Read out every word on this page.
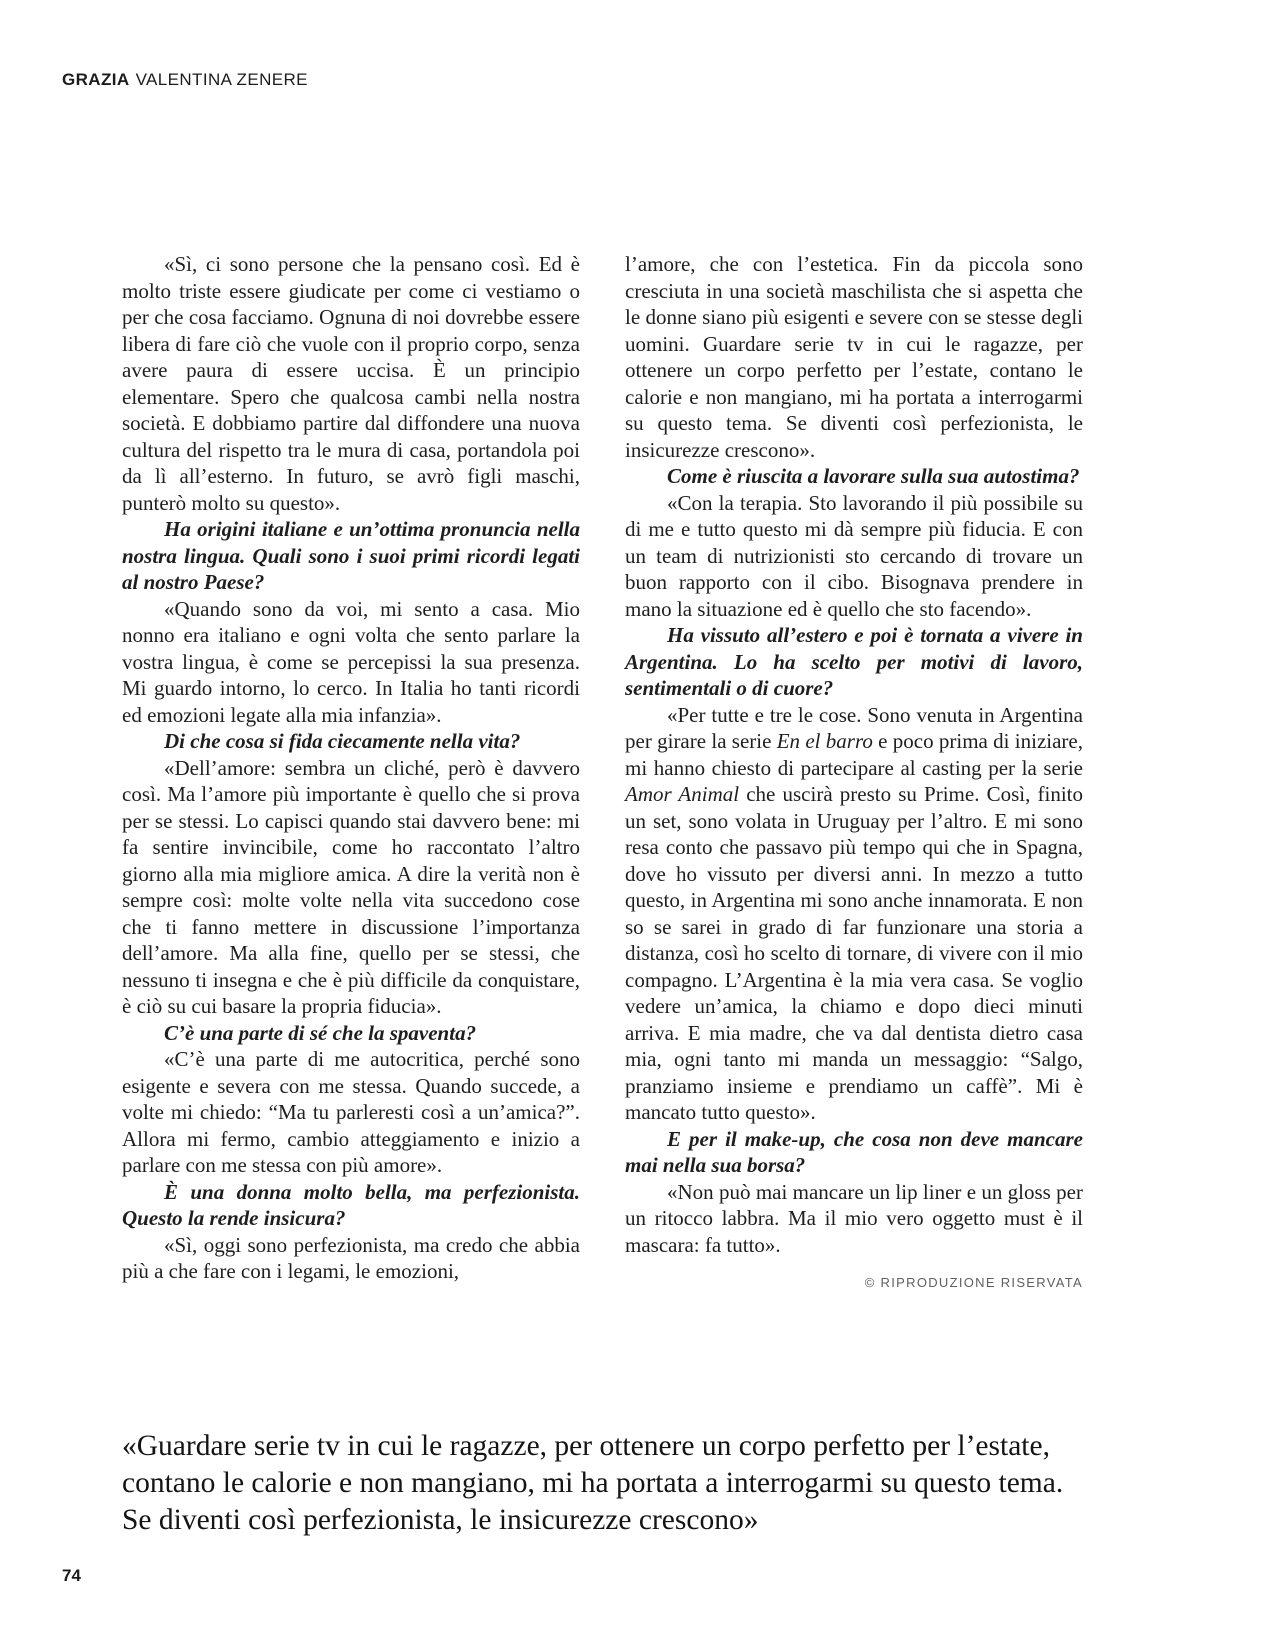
GRAZIA VALENTINA ZENERE

«Sì, ci sono persone che la pensano così. Ed è molto triste essere giudicate per come ci vestiamo o per che cosa facciamo. Ognuna di noi dovrebbe essere libera di fare ciò che vuole con il proprio corpo, senza avere paura di essere uccisa. È un principio elementare. Spero che qualcosa cambi nella nostra società. E dobbiamo partire dal diffondere una nuova cultura del rispetto tra le mura di casa, portandola poi da lì all’esterno. In futuro, se avrò figli maschi, punterò molto su questo».

Ha origini italiane e un’ottima pronuncia nella nostra lingua. Quali sono i suoi primi ricordi legati al nostro Paese?

«Quando sono da voi, mi sento a casa. Mio nonno era italiano e ogni volta che sento parlare la vostra lingua, è come se percepissi la sua presenza. Mi guardo intorno, lo cerco. In Italia ho tanti ricordi ed emozioni legate alla mia infanzia».

Di che cosa si fida ciecamente nella vita?

«Dell’amore: sembra un cliché, però è davvero così. Ma l’amore più importante è quello che si prova per se stessi. Lo capisci quando stai davvero bene: mi fa sentire invincibile, come ho raccontato l’altro giorno alla mia migliore amica. A dire la verità non è sempre così: molte volte nella vita succedono cose che ti fanno mettere in discussione l’importanza dell’amore. Ma alla fine, quello per se stessi, che nessuno ti insegna e che è più difficile da conquistare, è ciò su cui basare la propria fiducia».

C’è una parte di sé che la spaventa?

«C’è una parte di me autocritica, perché sono esigente e severa con me stessa. Quando succede, a volte mi chiedo: “Ma tu parleresti così a un’amica?”. Allora mi fermo, cambio atteggiamento e inizio a parlare con me stessa con più amore».

È una donna molto bella, ma perfezionista. Questo la rende insicura?

«Sì, oggi sono perfezionista, ma credo che abbia più a che fare con i legami, le emozioni,

l’amore, che con l’estetica. Fin da piccola sono cresciuta in una società maschilista che si aspetta che le donne siano più esigenti e severe con se stesse degli uomini. Guardare serie tv in cui le ragazze, per ottenere un corpo perfetto per l’estate, contano le calorie e non mangiano, mi ha portata a interrogarmi su questo tema. Se diventi così perfezionista, le insicurezze crescono».

Come è riuscita a lavorare sulla sua autostima?

«Con la terapia. Sto lavorando il più possibile su di me e tutto questo mi dà sempre più fiducia. E con un team di nutrizionisti sto cercando di trovare un buon rapporto con il cibo. Bisognava prendere in mano la situazione ed è quello che sto facendo».

Ha vissuto all’estero e poi è tornata a vivere in Argentina. Lo ha scelto per motivi di lavoro, sentimentali o di cuore?

«Per tutte e tre le cose. Sono venuta in Argentina per girare la serie En el barro e poco prima di iniziare, mi hanno chiesto di partecipare al casting per la serie Amor Animal che uscirà presto su Prime. Così, finito un set, sono volata in Uruguay per l’altro. E mi sono resa conto che passavo più tempo qui che in Spagna, dove ho vissuto per diversi anni. In mezzo a tutto questo, in Argentina mi sono anche innamorata. E non so se sarei in grado di far funzionare una storia a distanza, così ho scelto di tornare, di vivere con il mio compagno. L’Argentina è la mia vera casa. Se voglio vedere un’amica, la chiamo e dopo dieci minuti arriva. E mia madre, che va dal dentista dietro casa mia, ogni tanto mi manda un messaggio: “Salgo, pranziamo insieme e prendiamo un caffè”. Mi è mancato tutto questo».

E per il make-up, che cosa non deve mancare mai nella sua borsa?

«Non può mai mancare un lip liner e un gloss per un ritocco labbra. Ma il mio vero oggetto must è il mascara: fa tutto».

© RIPRODUZIONE RISERVATA

«Guardare serie tv in cui le ragazze, per ottenere un corpo perfetto per l’estate, contano le calorie e non mangiano, mi ha portata a interrogarmi su questo tema. Se diventi così perfezionista, le insicurezze crescono»
74
